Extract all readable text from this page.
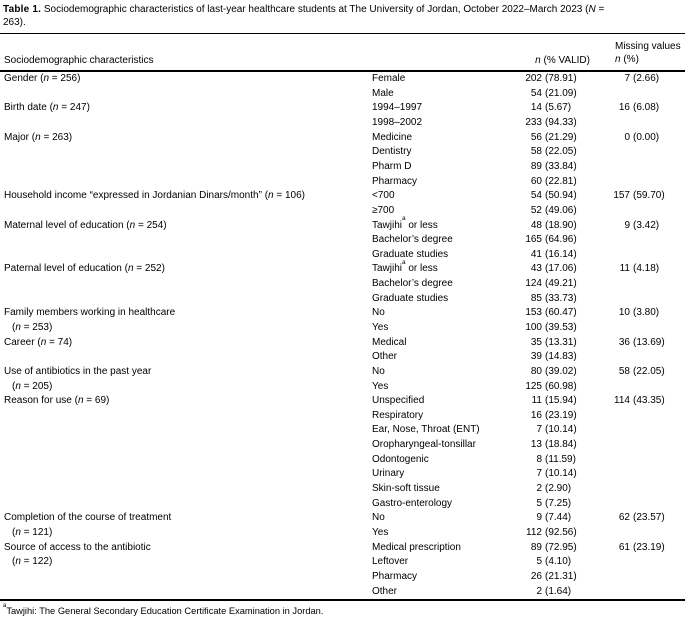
Table 1. Sociodemographic characteristics of last-year healthcare students at The University of Jordan, October 2022–March 2023 (N =
263).
Sociodemographic characteristics	n (% VALID)
Missing values
n (%)
Gender (n = 256)	Female	202 (78.91)	7 (2.66)
Male	54 (21.09)
Birth date (n = 247)	1994–1997	14 (5.67)	16 (6.08)
1998–2002	233 (94.33)
Major (n = 263)	Medicine	56 (21.29)	0 (0.00)
Dentistry	58 (22.05)
Pharm D	89 (33.84)
Pharmacy	60 (22.81)
Household income “expressed in Jordanian Dinars/month” (n = 106)	<700	54 (50.94)	157 (59.70)
≥700	52 (49.06)
Maternal level of education (n = 254)	Tawjihi$^a$ or less	48 (18.90)	9 (3.42)
Bachelor’s degree	165 (64.96)
Graduate studies	41 (16.14)
Paternal level of education (n = 252)	Tawjihi$^a$ or less	43 (17.06)	11 (4.18)
Bachelor’s degree	124 (49.21)
Graduate studies	85 (33.73)
Family members working in healthcare	No	153 (60.47)	10 (3.80)
(n = 253)	Yes	100 (39.53)
Career (n = 74)	Medical	35 (13.31)	36 (13.69)
Other	39 (14.83)
Use of antibiotics in the past year	No	80 (39.02)	58 (22.05)
(n = 205)	Yes	125 (60.98)
Reason for use (n = 69)	Unspecified	11 (15.94)	114 (43.35)
Respiratory	16 (23.19)
Ear, Nose, Throat (ENT)	7 (10.14)
Oropharyngeal-tonsillar	13 (18.84)
Odontogenic	8 (11.59)
Urinary	7 (10.14)
Skin-soft tissue	2 (2.90)
Gastro-enterology	5 (7.25)
Completion of the course of treatment	No	9 (7.44)	62 (23.57)
(n = 121)	Yes	112 (92.56)
Source of access to the antibiotic	Medical prescription	89 (72.95)	61 (23.19)
(n = 122)	Leftover	5 (4.10)
Pharmacy	26 (21.31)
Other	2 (1.64)
$^a$Tawjihi: The General Secondary Education Certificate Examination in Jordan.
